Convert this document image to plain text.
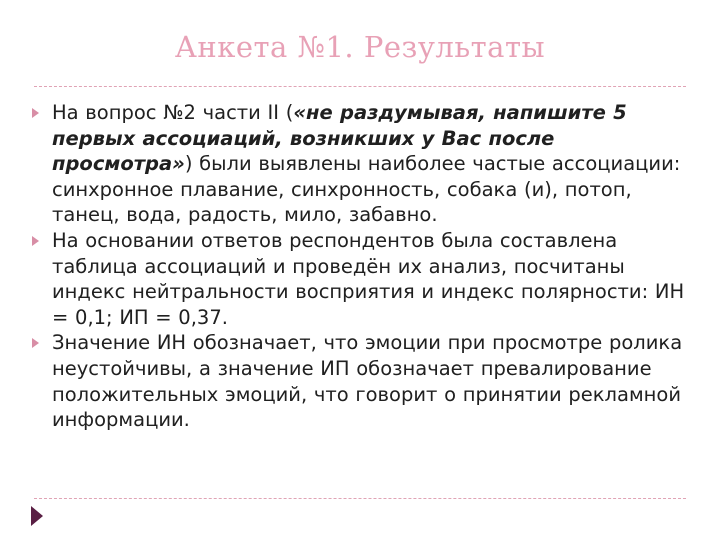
Анкета №1. Результаты
На вопрос №2 части II («не раздумывая, напишите 5 первых ассоциаций, возникших у Вас после просмотра») были выявлены наиболее частые ассоциации: синхронное плавание, синхронность, собака (и), потоп, танец, вода, радость, мило, забавно.
На основании ответов респондентов была составлена таблица ассоциаций и проведён их анализ, посчитаны индекс нейтральности восприятия и индекс полярности: ИН = 0,1; ИП = 0,37.
Значение ИН обозначает, что эмоции при просмотре ролика неустойчивы, а значение ИП обозначает превалирование положительных эмоций, что говорит о принятии рекламной информации.
